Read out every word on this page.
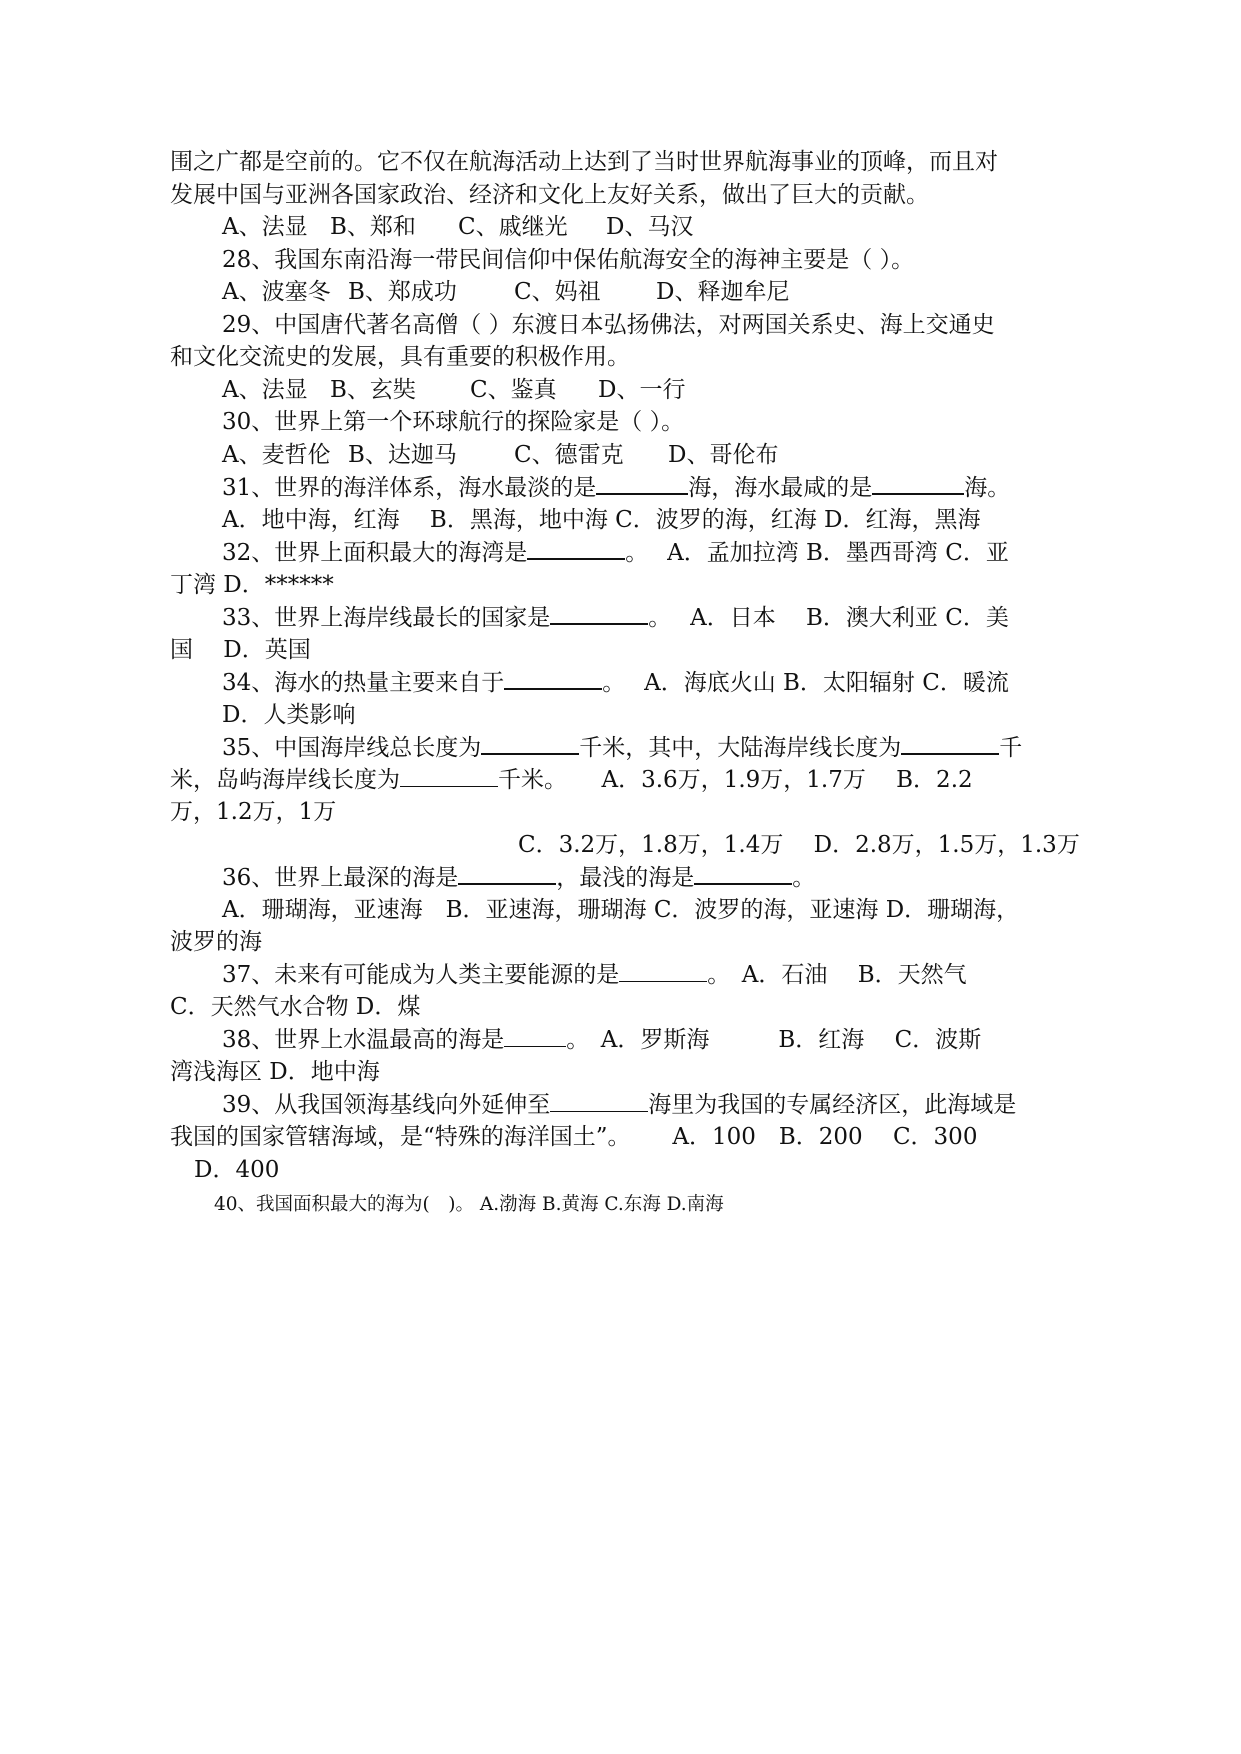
围之广都是空前的。它不仅在航海活动上达到了当时世界航海事业的顶峰，而且对
发展中国与亚洲各国家政治、经济和文化上友好关系，做出了巨大的贡献。
A、法显 B、郑和 C、戚继光 D、马汉
28、我国东南沿海一带民间信仰中保佑航海安全的海神主要是（ ）。
A、波塞冬 B、郑成功 C、妈祖 D、释迦牟尼
29、中国唐代著名高僧（ ）东渡日本弘扬佛法，对两国关系史、海上交通史
和文化交流史的发展，具有重要的积极作用。
A、法显 B、玄奘 C、鉴真 D、一行
30、世界上第一个环球航行的探险家是（ ）。
A、麦哲伦 B、达迦马 C、德雷克 D、哥伦布
31、世界的海洋体系，海水最淡的是	海，海水最咸的是	海。
A．地中海，红海　 B．黑海，地中海 C．波罗的海，红海 D．红海，黑海
32、世界上面积最大的海湾是	。　 A．孟加拉湾 B．墨西哥湾 C．亚
丁湾 D．******
33、世界上海岸线最长的国家是	。　 A．日本　 B．澳大利亚 C．美
国　 D．英国
34、海水的热量主要来自于	。　 A．海底火山 B．太阳辐射 C．暖流
D．人类影响
35、中国海岸线总长度为	千米，其中，大陆海岸线长度为	千
米，岛屿海岸线长度为	千米。　　A．3.6万，1.9万，1.7万　 B．2.2
万，1.2万，1万
C．3.2万，1.8万，1.4万　 D．2.8万，1.5万，1.3万
36、世界上最深的海是	，最浅的海是	。
A．珊瑚海，亚速海　B．亚速海，珊瑚海 C．波罗的海，亚速海 D．珊瑚海，
波罗的海
37、未来有可能成为人类主要能源的是	。　A．石油　 B．天然气
C．天然气水合物 D．煤
38、世界上水温最高的海是	。　A．罗斯海　　　B．红海　 C．波斯
湾浅海区 D．地中海
39、从我国领海基线向外延伸至	海里为我国的专属经济区，此海域是
我国的国家管辖海域，是“特殊的海洋国土”。　　 A．100　B．200　 C．300
D．400
40、我国面积最大的海为(　)。 A.渤海 B.黄海 C.东海 D.南海
